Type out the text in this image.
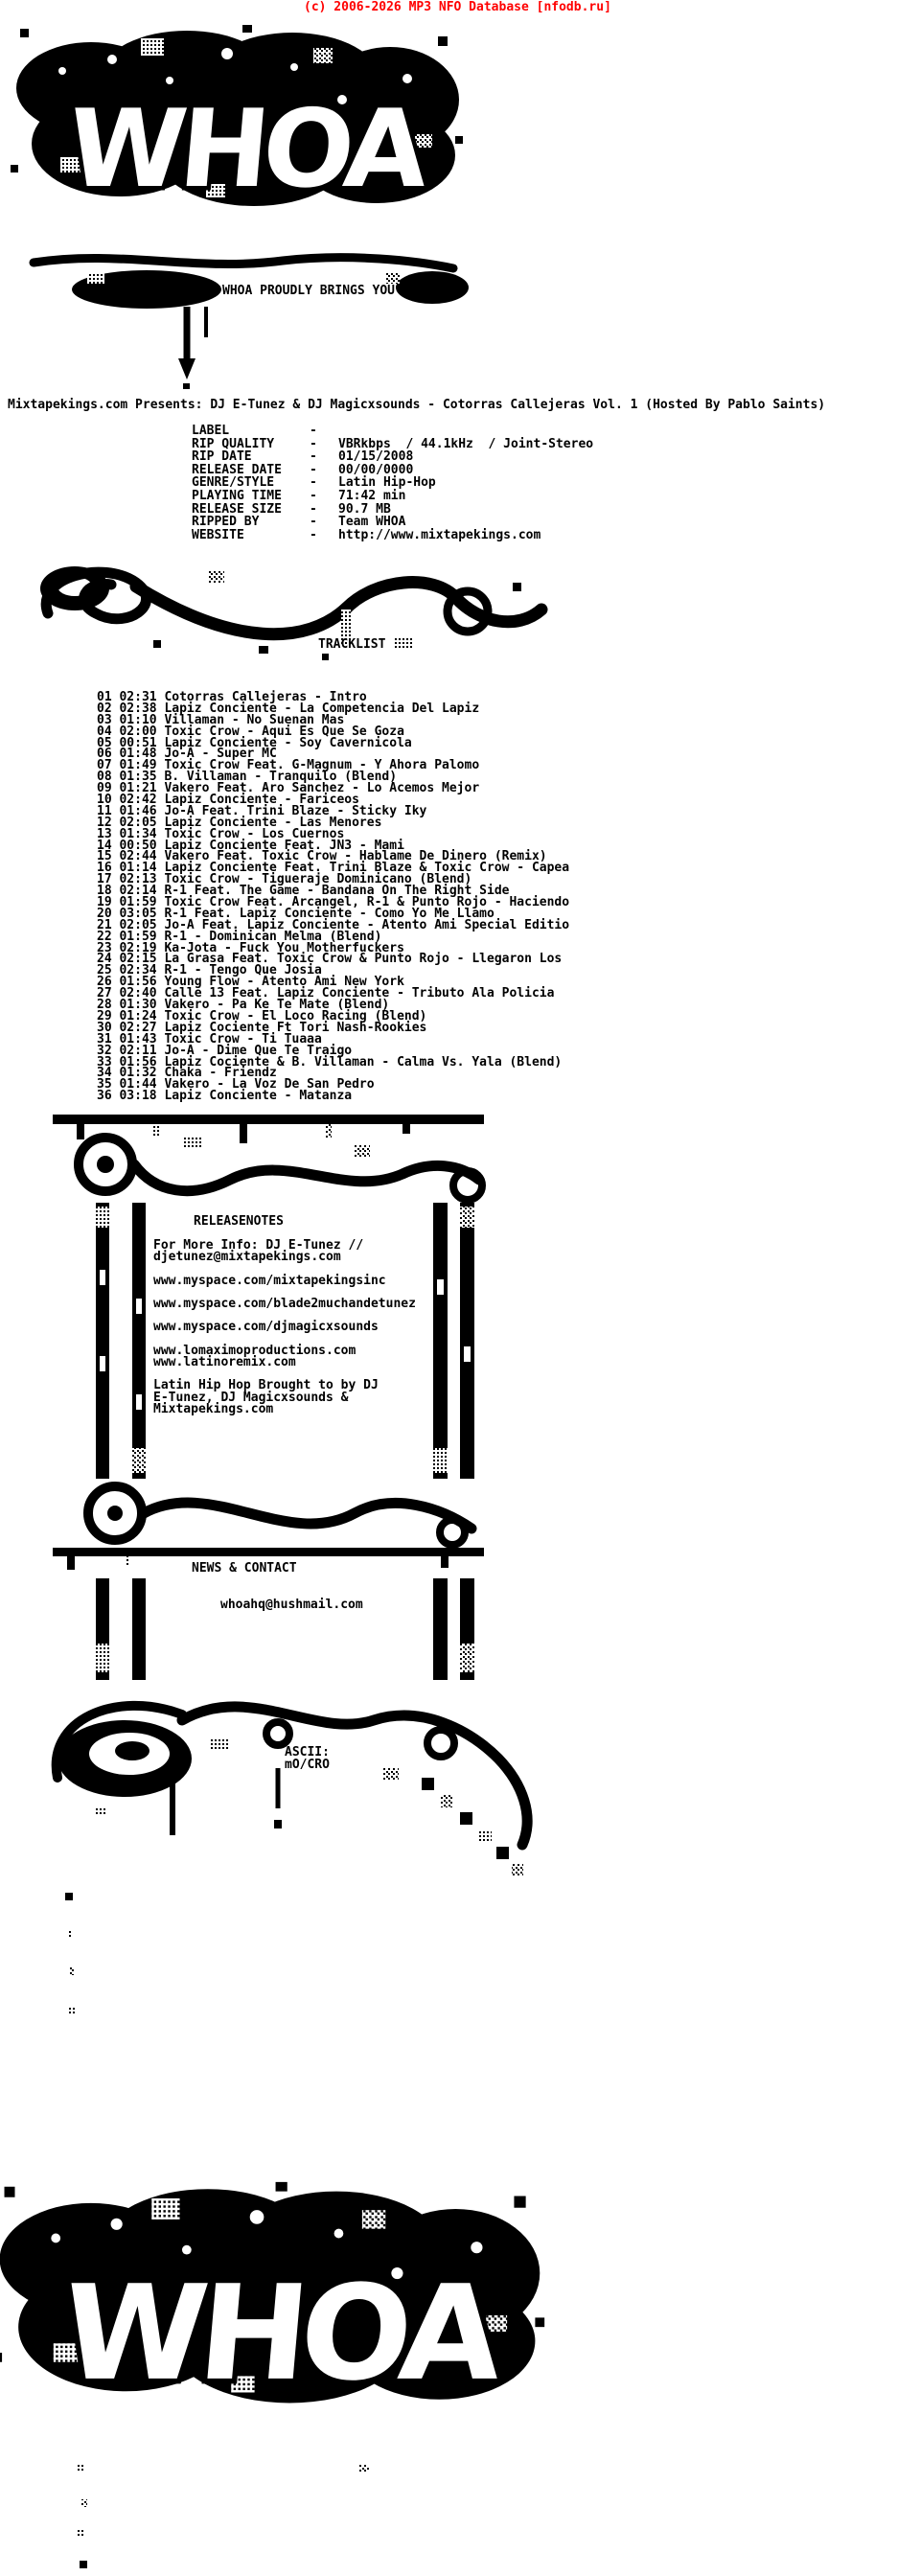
(c) 2006-2026 MP3 NFO Database [nfodb.ru]
m0!
WHOA PROUDLY BRINGS YOU
Mixtapekings.com Presents: DJ E-Tunez & DJ Magicxsounds - Cotorras Callejeras Vol. 1 (Hosted By Pablo Saints)
LABEL	-
RIP QUALITY	-	VBRkbps  / 44.1kHz  / Joint-Stereo
RIP DATE	-	01/15/2008
RELEASE DATE	-	00/00/0000
GENRE/STYLE	-	Latin Hip-Hop
PLAYING TIME	-	71:42 min
RELEASE SIZE	-	90.7 MB
RIPPED BY	-	Team WHOA
WEBSITE	-	http://www.mixtapekings.com
TRACKLIST
01 02:31 Cotorras Callejeras - Intro
02 02:38 Lapiz Conciente - La Competencia Del Lapiz
03 01:10 Villaman - No Suenan Mas
04 02:00 Toxic Crow - Aqui Es Que Se Goza
05 00:51 Lapiz Conciente - Soy Cavernicola
06 01:48 Jo-A - Super MC
07 01:49 Toxic Crow Feat. G-Magnum - Y Ahora Palomo
08 01:35 B. Villaman - Tranquilo (Blend)
09 01:21 Vakero Feat. Aro Sanchez - Lo Acemos Mejor
10 02:42 Lapiz Conciente - Fariceos
11 01:46 Jo-A Feat. Trini Blaze - Sticky Iky
12 02:05 Lapiz Conciente - Las Menores
13 01:34 Toxic Crow - Los Cuernos
14 00:50 Lapiz Conciente Feat. JN3 - Mami
15 02:44 Vakero Feat. Toxic Crow - Hablame De Dinero (Remix)
16 01:14 Lapiz Conciente Feat. Trini Blaze & Toxic Crow - Capea
17 02:13 Toxic Crow - Tigueraje Dominicano (Blend)
18 02:14 R-1 Feat. The Game - Bandana On The Right Side
19 01:59 Toxic Crow Feat. Arcangel, R-1 & Punto Rojo - Haciendo
20 03:05 R-1 Feat. Lapiz Conciente - Como Yo Me Llamo
21 02:05 Jo-A Feat. Lapiz Conciente - Atento Ami Special Editio
22 01:59 R-1 - Dominican Melma (Blend)
23 02:19 Ka-Jota - Fuck You Motherfuckers
24 02:15 La Grasa Feat. Toxic Crow & Punto Rojo - Llegaron Los
25 02:34 R-1 - Tengo Que Josia
26 01:56 Young Flow - Atento Ami New York
27 02:40 Calle 13 Feat. Lapiz Conciente - Tributo Ala Policia
28 01:30 Vakero - Pa Ke Te Mate (Blend)
29 01:24 Toxic Crow - El Loco Racing (Blend)
30 02:27 Lapiz Cociente Ft Tori Nash-Rookies
31 01:43 Toxic Crow - Ti Tuaaa
32 02:11 Jo-A - Dime Que Te Traigo
33 01:56 Lapiz Cociente & B. Villaman - Calma Vs. Yala (Blend)
34 01:32 Chaka - Friendz
35 01:44 Vakero - La Voz De San Pedro
36 03:18 Lapiz Conciente - Matanza
RELEASENOTES
For More Info: DJ E-Tunez //
djetunez@mixtapekings.com
www.myspace.com/mixtapekingsinc
www.myspace.com/blade2muchandetunez
www.myspace.com/djmagicxsounds
www.lomaximoproductions.com
www.latinoremix.com
Latin Hip Hop Brought to by DJ
E-Tunez, DJ Magicxsounds &
Mixtapekings.com
NEWS & CONTACT
whoahq@hushmail.com
ASCII:
mO/CRO
